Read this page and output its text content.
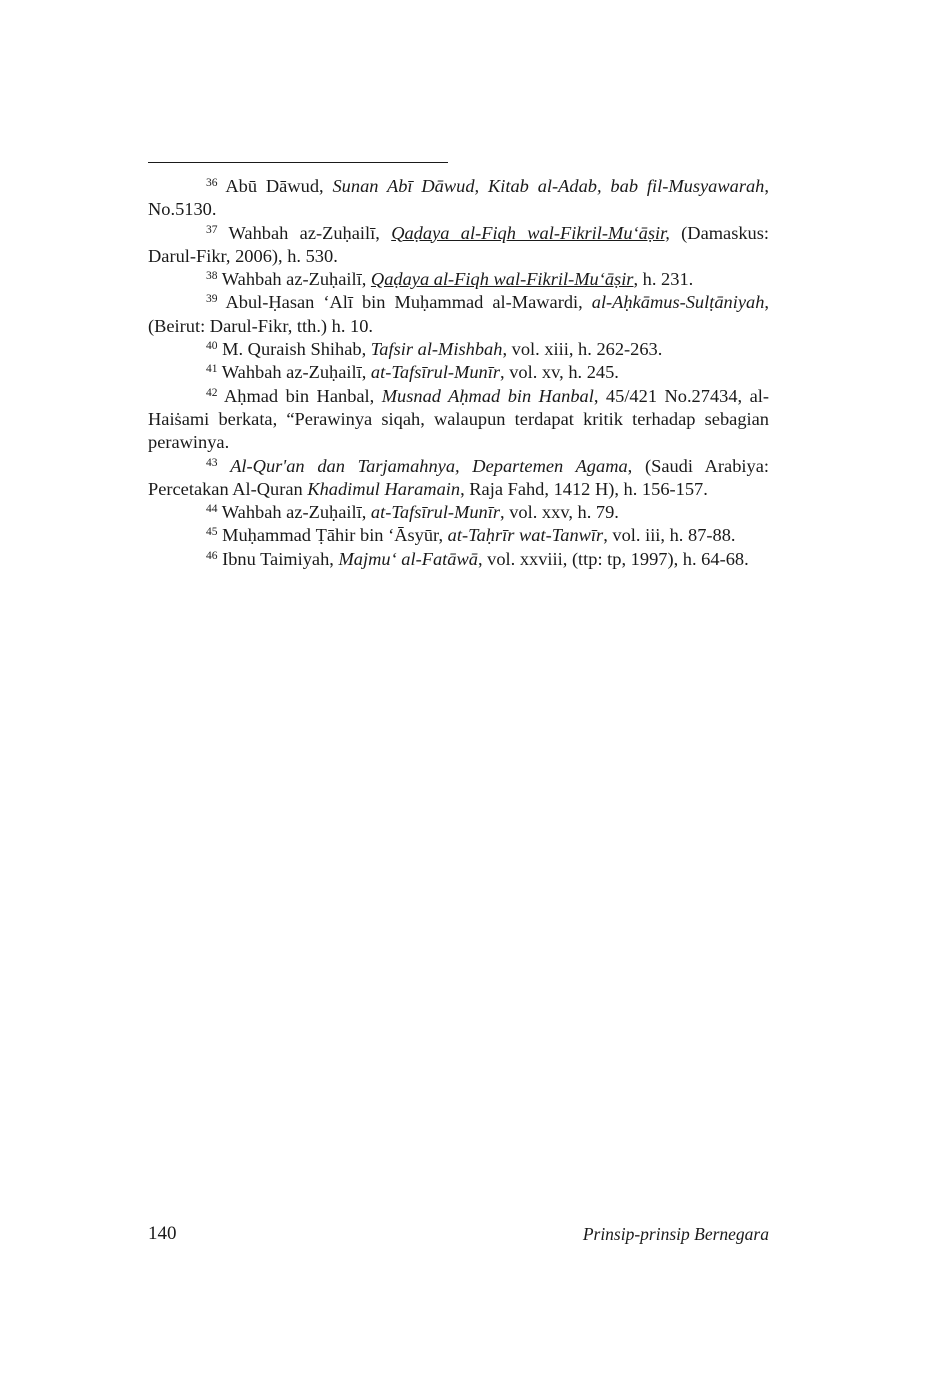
$^{36}$ Abū Dāwud, Sunan Abī Dāwud, Kitab al-Adab, bab fil-Musyawarah, No.5130.

$^{37}$ Wahbah az-Zuḥailī, Qaḍaya al-Fiqh wal-Fikril-Mu‘āṣir, (Damaskus: Darul-Fikr, 2006), h. 530.

$^{38}$ Wahbah az-Zuḥailī, Qaḍaya al-Fiqh wal-Fikril-Mu‘āṣir, h. 231.

$^{39}$ Abul-Ḥasan ‘Alī bin Muḥammad al-Mawardi, al-Aḥkāmus-Sulṭāniyah, (Beirut: Darul-Fikr, tth.) h. 10.

$^{40}$ M. Quraish Shihab, Tafsir al-Mishbah, vol. xiii, h. 262-263.

$^{41}$ Wahbah az-Zuḥailī, at-Tafsīrul-Munīr, vol. xv, h. 245.

$^{42}$ Aḥmad bin Hanbal, Musnad Aḥmad bin Hanbal, 45/421 No.27434, al-Haiṡami berkata, “Perawinya siqah, walaupun terdapat kritik terhadap sebagian perawinya.

$^{43}$ Al-Qur'an dan Tarjamahnya, Departemen Agama, (Saudi Arabiya: Percetakan Al-Quran Khadimul Haramain, Raja Fahd, 1412 H), h. 156-157.

$^{44}$ Wahbah az-Zuḥailī, at-Tafsīrul-Munīr, vol. xxv, h. 79.

$^{45}$ Muḥammad Ṭāhir bin ‘Āsyūr, at-Taḥrīr wat-Tanwīr, vol. iii, h. 87-88.

$^{46}$ Ibnu Taimiyah, Majmu‘ al-Fatāwā, vol. xxviii, (ttp: tp, 1997), h. 64-68.

140	Prinsip-prinsip Bernegara
